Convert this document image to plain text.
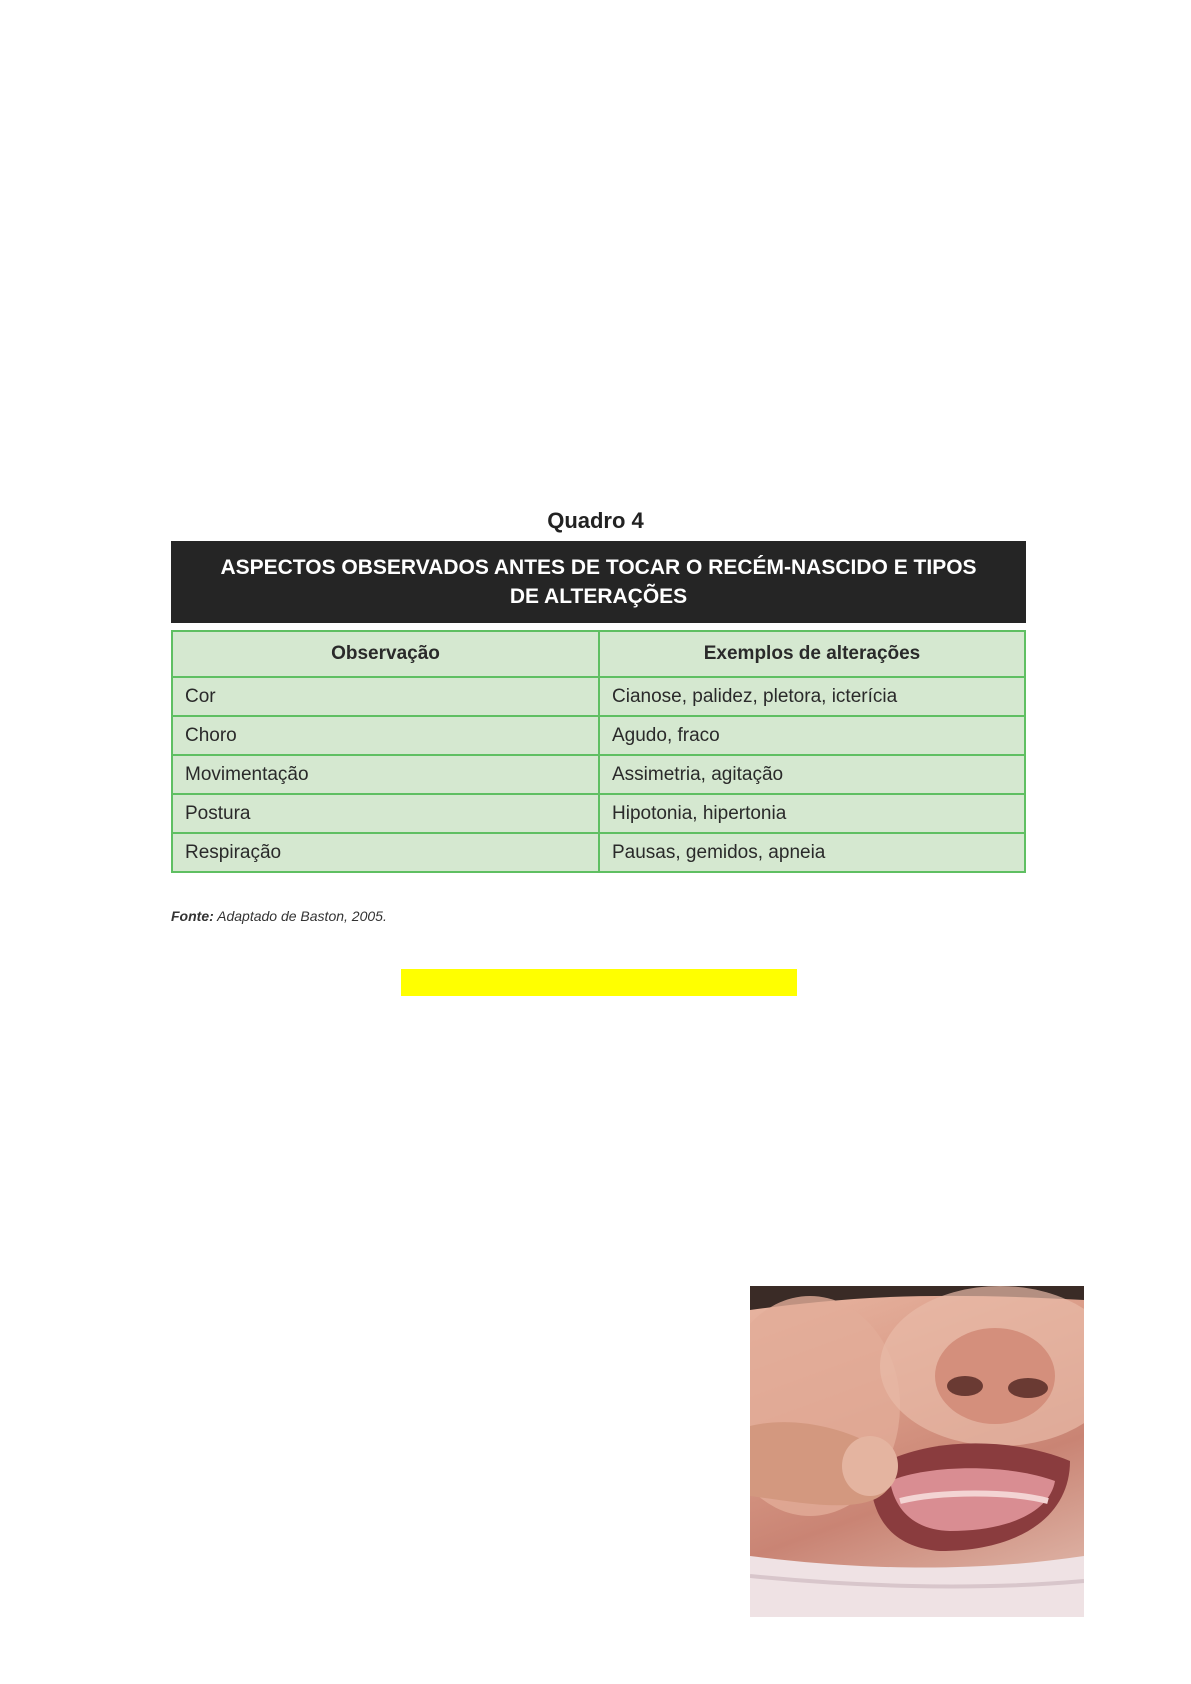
Quadro 4
ASPECTOS OBSERVADOS ANTES DE TOCAR O RECÉM-NASCIDO E TIPOS DE ALTERAÇÕES
Observação	Exemplos de alterações
Cor	Cianose, palidez, pletora, icterícia
Choro	Agudo, fraco
Movimentação	Assimetria, agitação
Postura	Hipotonia, hipertonia
Respiração	Pausas, gemidos, apneia
Fonte: Adaptado de Baston, 2005.
